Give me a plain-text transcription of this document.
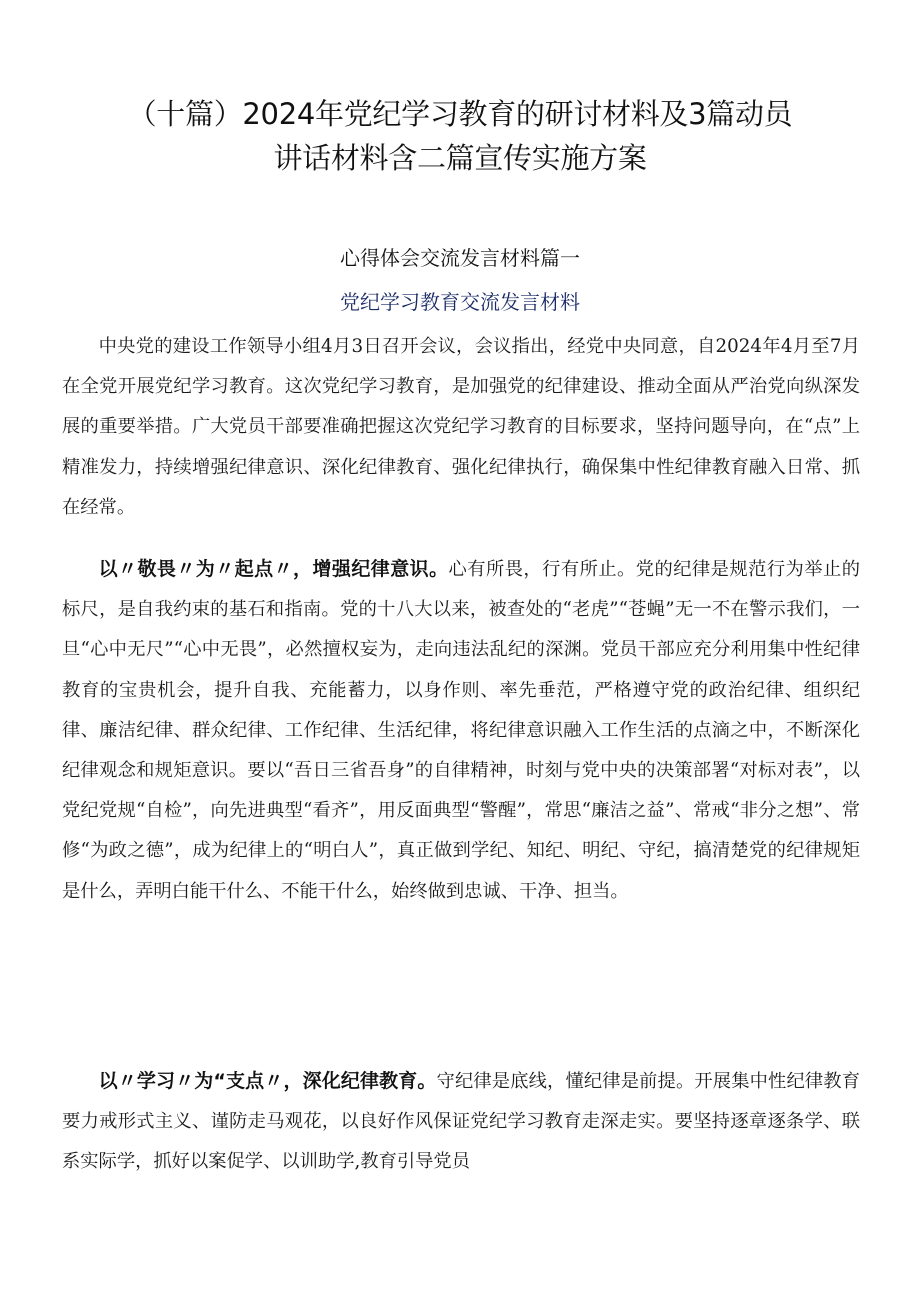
（十篇）2024年党纪学习教育的研讨材料及3篇动员
讲话材料含二篇宣传实施方案
心得体会交流发言材料篇一
党纪学习教育交流发言材料

中央党的建设工作领导小组4月3日召开会议，会议指出，经党中央同意，自2024年4月至7月在全党开展党纪学习教育。这次党纪学习教育，是加强党的纪律建设、推动全面从严治党向纵深发展的重要举措。广大党员干部要准确把握这次党纪学习教育的目标要求，坚持问题导向，在“点”上精准发力，持续增强纪律意识、深化纪律教育、强化纪律执行，确保集中性纪律教育融入日常、抓在经常。

以〃敬畏〃为〃起点〃，增强纪律意识。心有所畏，行有所止。党的纪律是规范行为举止的标尺，是自我约束的基石和指南。党的十八大以来，被查处的“老虎”“苍蝇”无一不在警示我们，一旦“心中无尺”“心中无畏”，必然擅权妄为，走向违法乱纪的深渊。党员干部应充分利用集中性纪律教育的宝贵机会，提升自我、充能蓄力，以身作则、率先垂范，严格遵守党的政治纪律、组织纪律、廉洁纪律、群众纪律、工作纪律、生活纪律，将纪律意识融入工作生活的点滴之中，不断深化纪律观念和规矩意识。要以“吾日三省吾身”的自律精神，时刻与党中央的决策部署“对标对表”，以党纪党规“自检”，向先进典型“看齐”，用反面典型“警醒”，常思“廉洁之益”、常戒“非分之想”、常修“为政之德”，成为纪律上的“明白人”，真正做到学纪、知纪、明纪、守纪，搞清楚党的纪律规矩是什么，弄明白能干什么、不能干什么，始终做到忠诚、干净、担当。

以〃学习〃为“支点〃，深化纪律教育。守纪律是底线，懂纪律是前提。开展集中性纪律教育要力戒形式主义、谨防走马观花，以良好作风保证党纪学习教育走深走实。要坚持逐章逐条学、联系实际学，抓好以案促学、以训助学,教育引导党员
